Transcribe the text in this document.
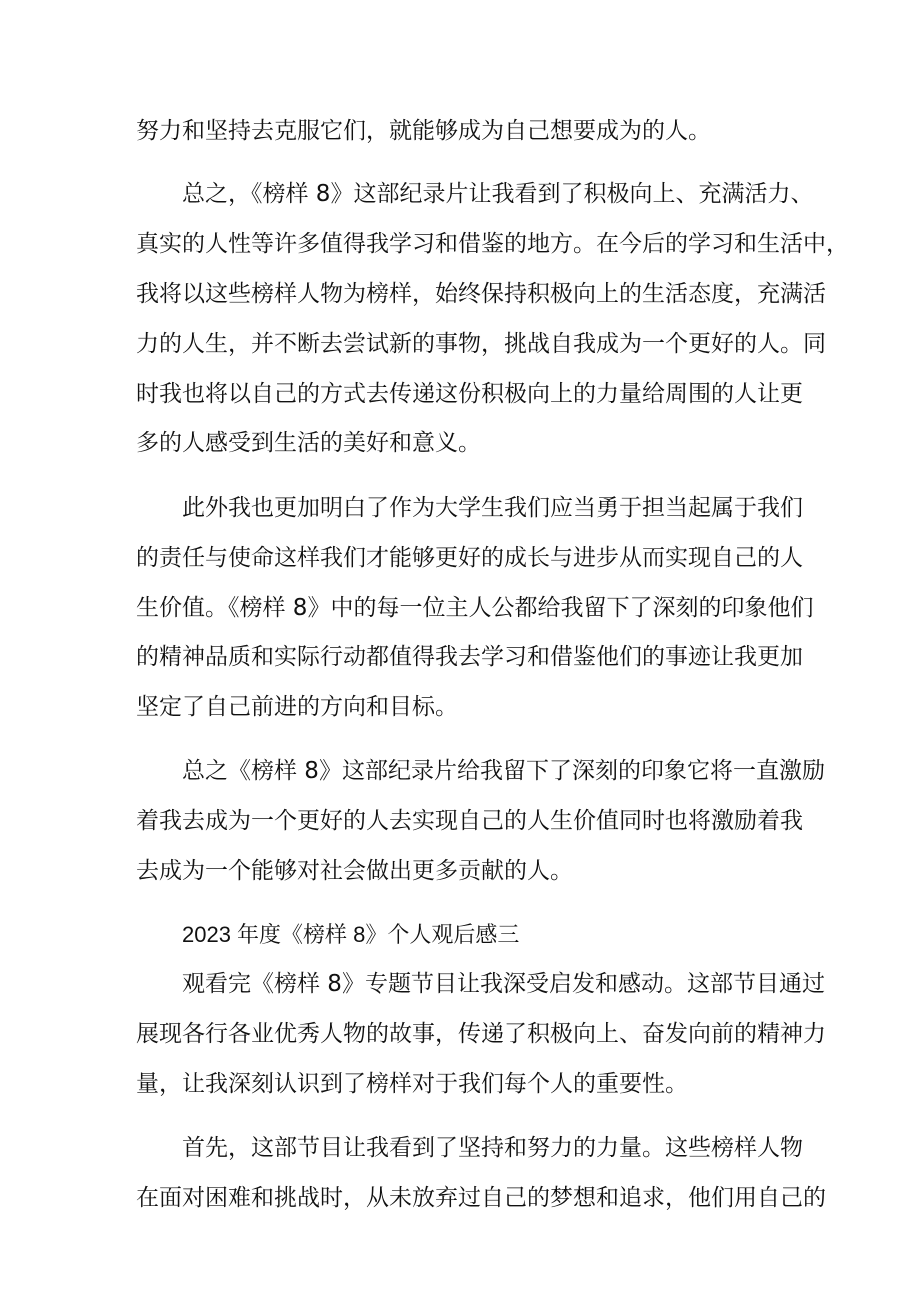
努力和坚持去克服它们，就能够成为自己想要成为的人。
总之，《榜样 8》这部纪录片让我看到了积极向上、充满活力、
真实的人性等许多值得我学习和借鉴的地方。在今后的学习和生活中，
我将以这些榜样人物为榜样，始终保持积极向上的生活态度，充满活
力的人生，并不断去尝试新的事物，挑战自我成为一个更好的人。同
时我也将以自己的方式去传递这份积极向上的力量给周围的人让更
多的人感受到生活的美好和意义。
此外我也更加明白了作为大学生我们应当勇于担当起属于我们
的责任与使命这样我们才能够更好的成长与进步从而实现自己的人
生价值。《榜样 8》中的每一位主人公都给我留下了深刻的印象他们
的精神品质和实际行动都值得我去学习和借鉴他们的事迹让我更加
坚定了自己前进的方向和目标。
总之《榜样 8》这部纪录片给我留下了深刻的印象它将一直激励
着我去成为一个更好的人去实现自己的人生价值同时也将激励着我
去成为一个能够对社会做出更多贡献的人。
2023 年度《榜样 8》个人观后感三
观看完《榜样 8》专题节目让我深受启发和感动。这部节目通过
展现各行各业优秀人物的故事，传递了积极向上、奋发向前的精神力
量，让我深刻认识到了榜样对于我们每个人的重要性。
首先，这部节目让我看到了坚持和努力的力量。这些榜样人物
在面对困难和挑战时，从未放弃过自己的梦想和追求，他们用自己的
